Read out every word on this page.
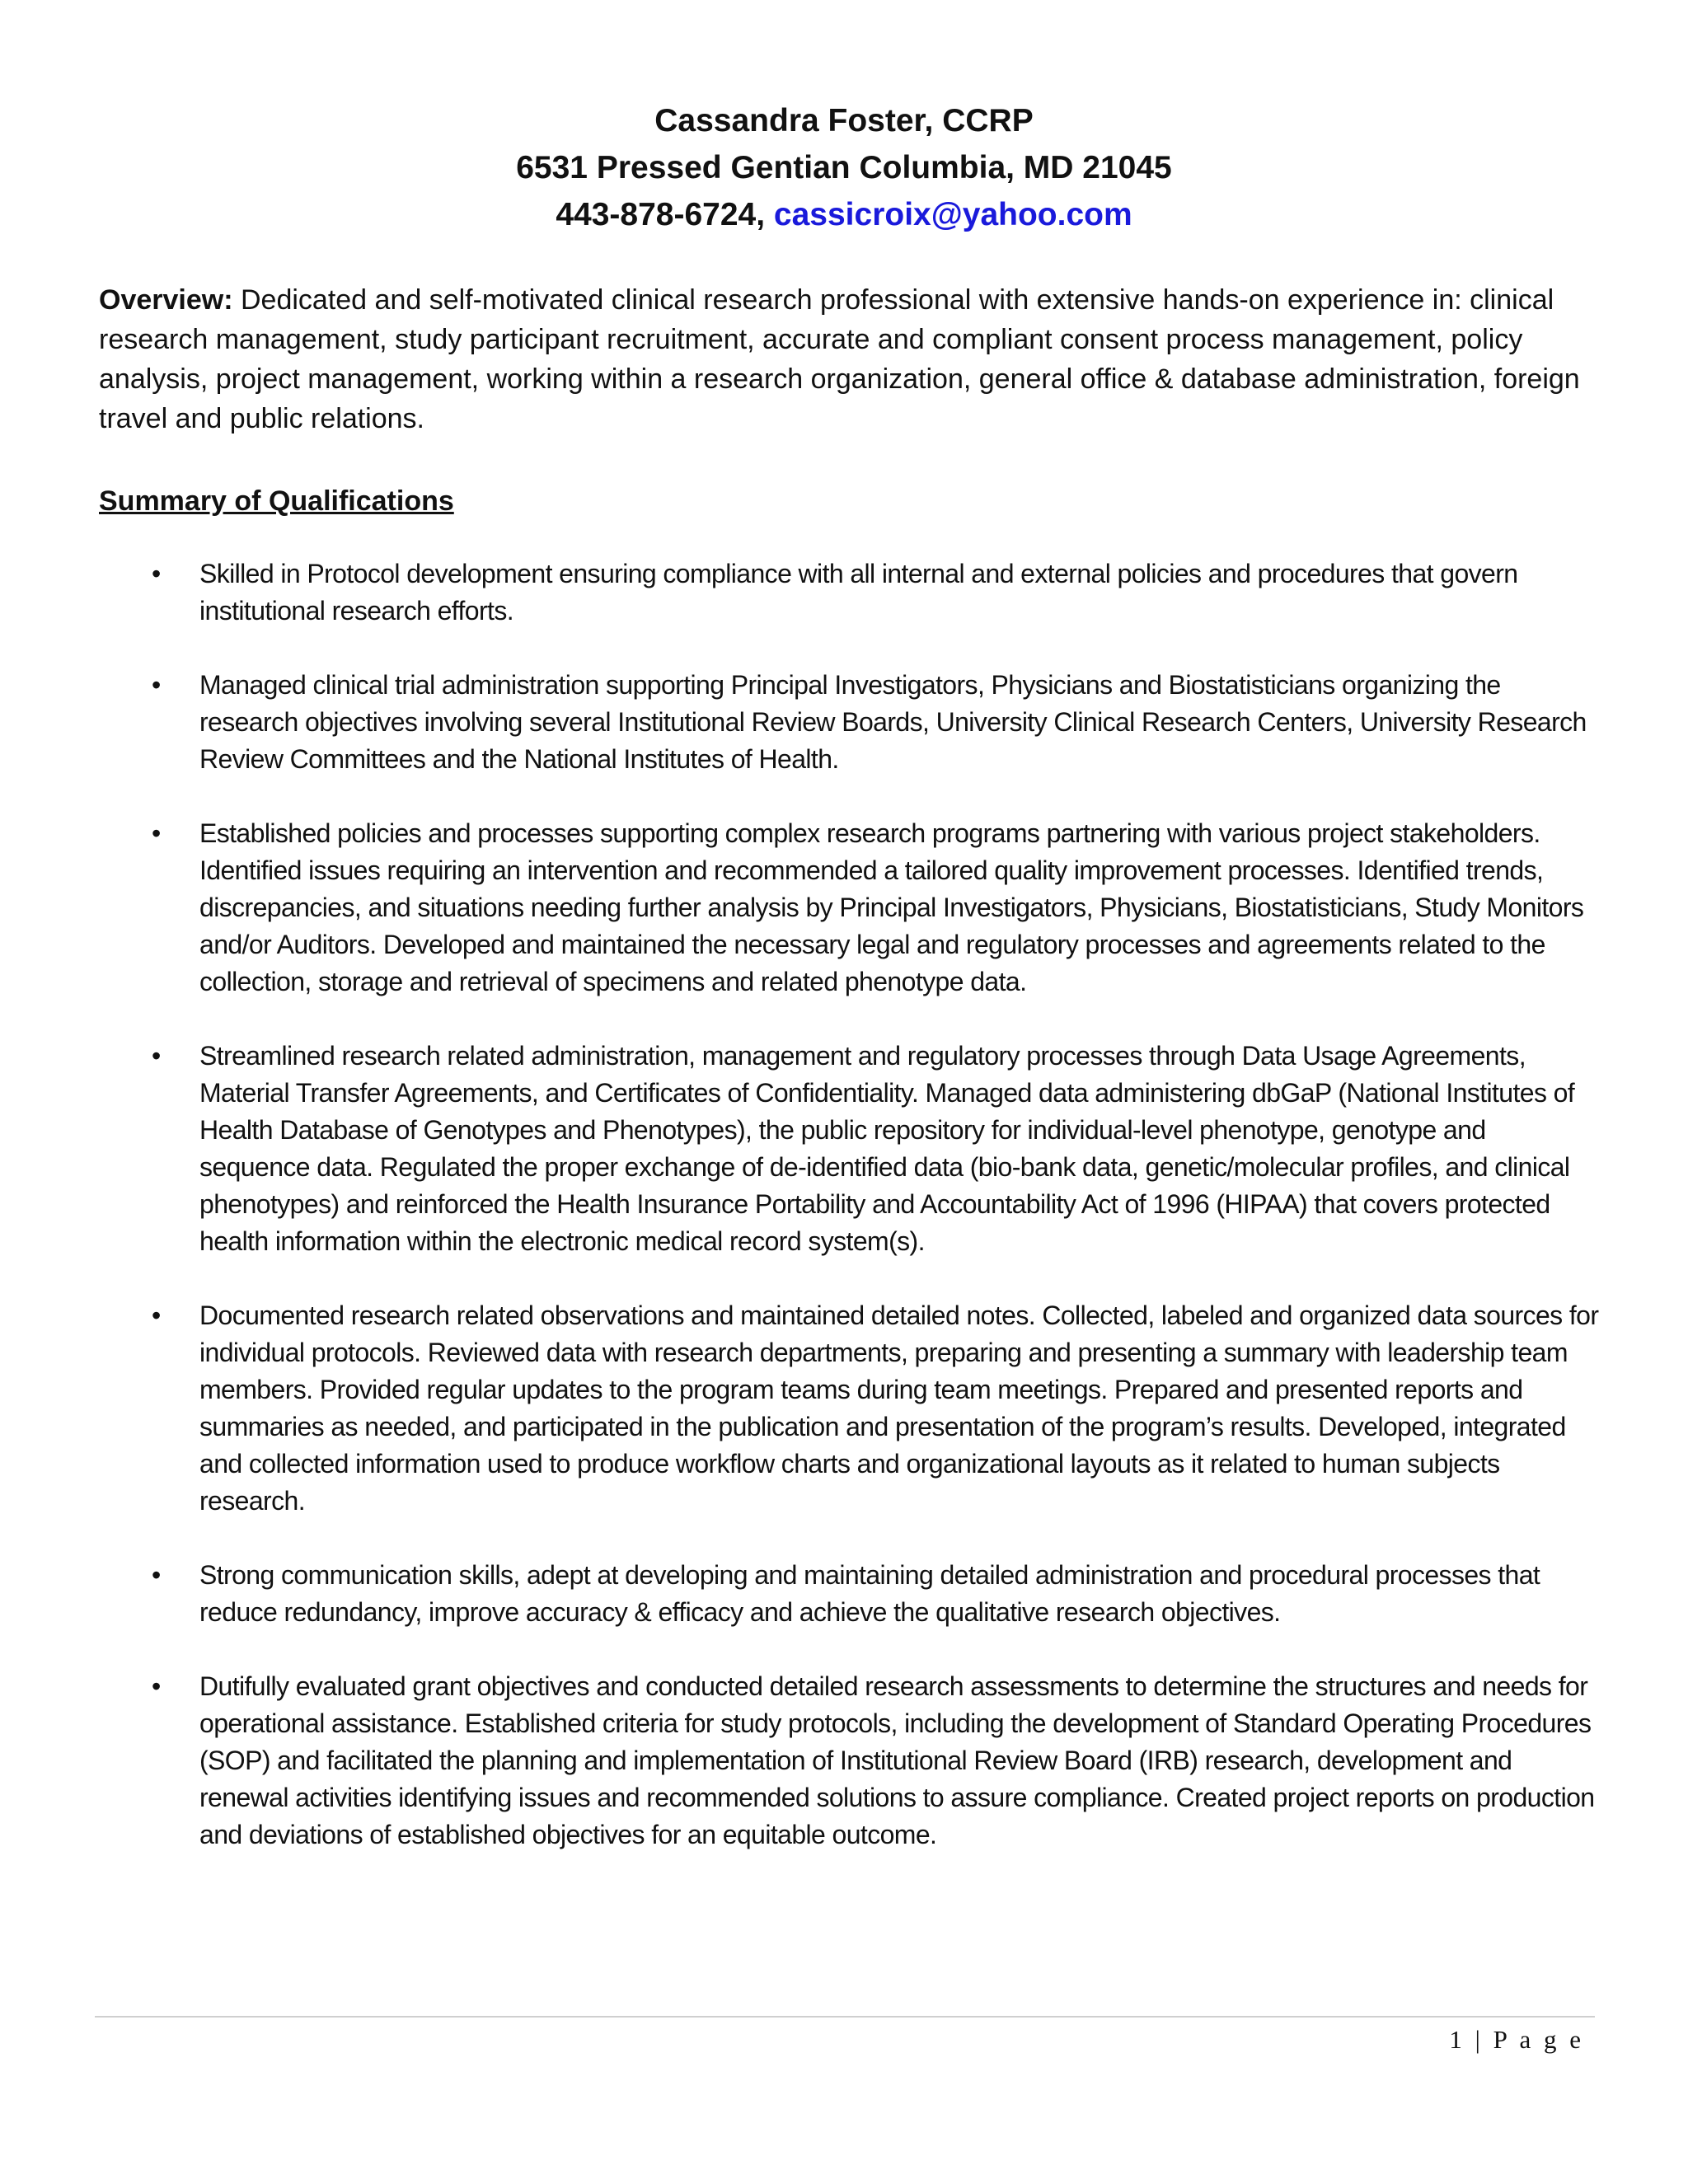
Cassandra Foster, CCRP
6531 Pressed Gentian Columbia, MD 21045
443-878-6724, cassicroix@yahoo.com
Overview: Dedicated and self-motivated clinical research professional with extensive hands-on experience in: clinical research management, study participant recruitment, accurate and compliant consent process management, policy analysis, project management, working within a research organization, general office & database administration, foreign travel and public relations.
Summary of Qualifications
• Skilled in Protocol development ensuring compliance with all internal and external policies and procedures that govern institutional research efforts.
• Managed clinical trial administration supporting Principal Investigators, Physicians and Biostatisticians organizing the research objectives involving several Institutional Review Boards, University Clinical Research Centers, University Research Review Committees and the National Institutes of Health.
• Established policies and processes supporting complex research programs partnering with various project stakeholders. Identified issues requiring an intervention and recommended a tailored quality improvement processes. Identified trends, discrepancies, and situations needing further analysis by Principal Investigators, Physicians, Biostatisticians, Study Monitors and/or Auditors. Developed and maintained the necessary legal and regulatory processes and agreements related to the collection, storage and retrieval of specimens and related phenotype data.
• Streamlined research related administration, management and regulatory processes through Data Usage Agreements, Material Transfer Agreements, and Certificates of Confidentiality. Managed data administering dbGaP (National Institutes of Health Database of Genotypes and Phenotypes), the public repository for individual-level phenotype, genotype and sequence data. Regulated the proper exchange of de-identified data (bio-bank data, genetic/molecular profiles, and clinical phenotypes) and reinforced the Health Insurance Portability and Accountability Act of 1996 (HIPAA) that covers protected health information within the electronic medical record system(s).
• Documented research related observations and maintained detailed notes. Collected, labeled and organized data sources for individual protocols. Reviewed data with research departments, preparing and presenting a summary with leadership team members. Provided regular updates to the program teams during team meetings. Prepared and presented reports and summaries as needed, and participated in the publication and presentation of the program’s results. Developed, integrated and collected information used to produce workflow charts and organizational layouts as it related to human subjects research.
• Strong communication skills, adept at developing and maintaining detailed administration and procedural processes that reduce redundancy, improve accuracy & efficacy and achieve the qualitative research objectives.
• Dutifully evaluated grant objectives and conducted detailed research assessments to determine the structures and needs for operational assistance. Established criteria for study protocols, including the development of Standard Operating Procedures (SOP) and facilitated the planning and implementation of Institutional Review Board (IRB) research, development and renewal activities identifying issues and recommended solutions to assure compliance. Created project reports on production and deviations of established objectives for an equitable outcome.
1 | P a g e
